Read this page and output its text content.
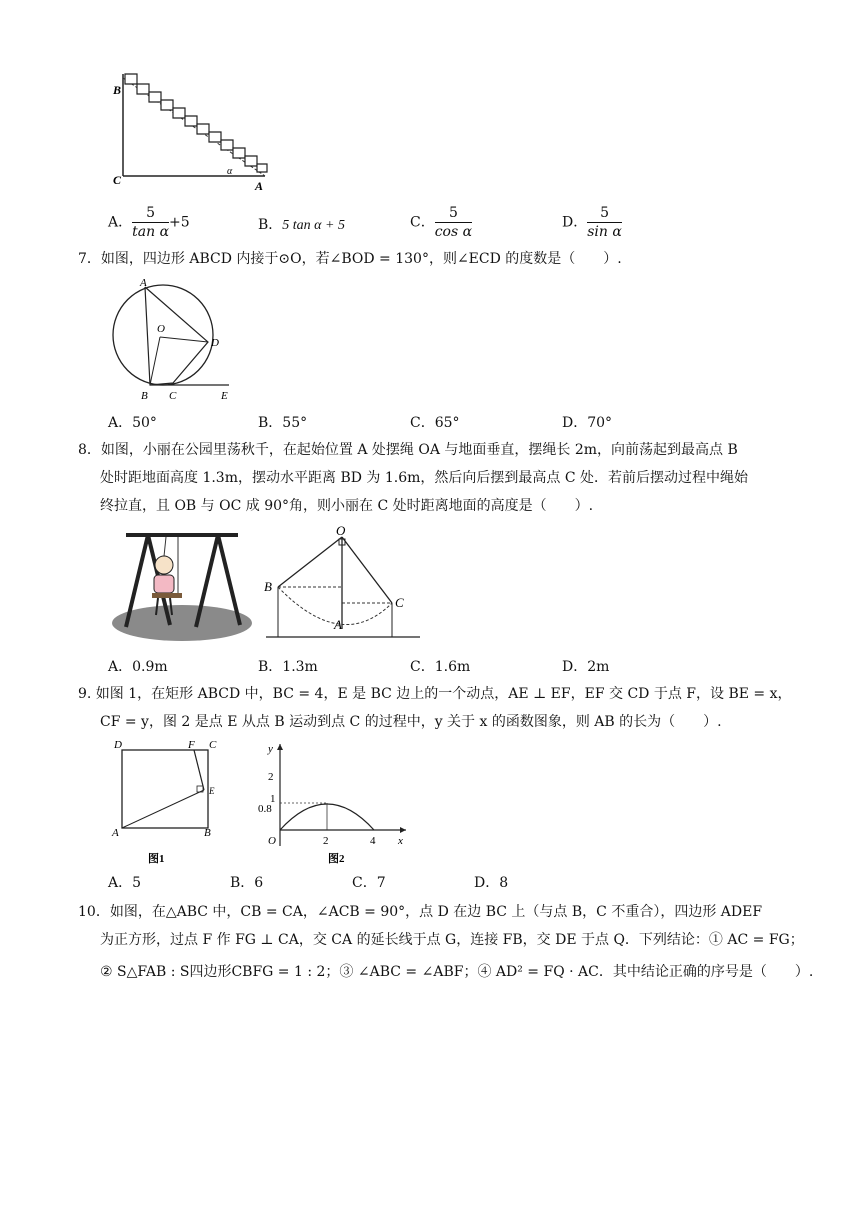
B
C	A
α
A． $\frac{5}{\text{tan α}} +5$	B．5 tan α + 5	C． $\frac{5}{\text{cos α}}$	D． $\frac{5}{\text{sin α}}$
7．如图，四边形 ABCD 内接于⊙O，若∠BOD = 130°，则∠ECD 的度数是（　　）.
A
O
D
B C	E
A．50°	B．55°	C．65°	D．70°
8．如图，小丽在公园里荡秋千，在起始位置 A 处摆绳 OA 与地面垂直，摆绳长 2m，向前荡起到最高点 B
处时距地面高度 1.3m，摆动水平距离 BD 为 1.6m，然后向后摆到最高点 C 处．若前后摆动过程中绳始
终拉直，且 OB 与 OC 成 90°角，则小丽在 C 处时距离地面的高度是（　　）.
O
B
C
A
A．0.9m	B．1.3m	C．1.6m	D．2m
9. 如图 1，在矩形 ABCD 中，BC = 4，E 是 BC 边上的一个动点，AE ⊥ EF，EF 交 CD 于点 F，设 BE = x，
CF = y，图 2 是点 E 从点 B 运动到点 C 的过程中，y 关于 x 的函数图象，则 AB 的长为（　　）.
D	F C
A	B
E
图1
y
x
O
2
1
0.8
2	4
图2
A．5	B．6	C．7	D．8
10．如图，在△ABC 中，CB = CA，∠ACB = 90°，点 D 在边 BC 上（与点 B，C 不重合），四边形 ADEF
为正方形，过点 F 作 FG ⊥ CA，交 CA 的延长线于点 G，连接 FB，交 DE 于点 Q．下列结论：① AC = FG；
② S△FAB : S四边形CBFG = 1 : 2；③ ∠ABC = ∠ABF；④ AD² = FQ · AC．其中结论正确的序号是（　　）.
